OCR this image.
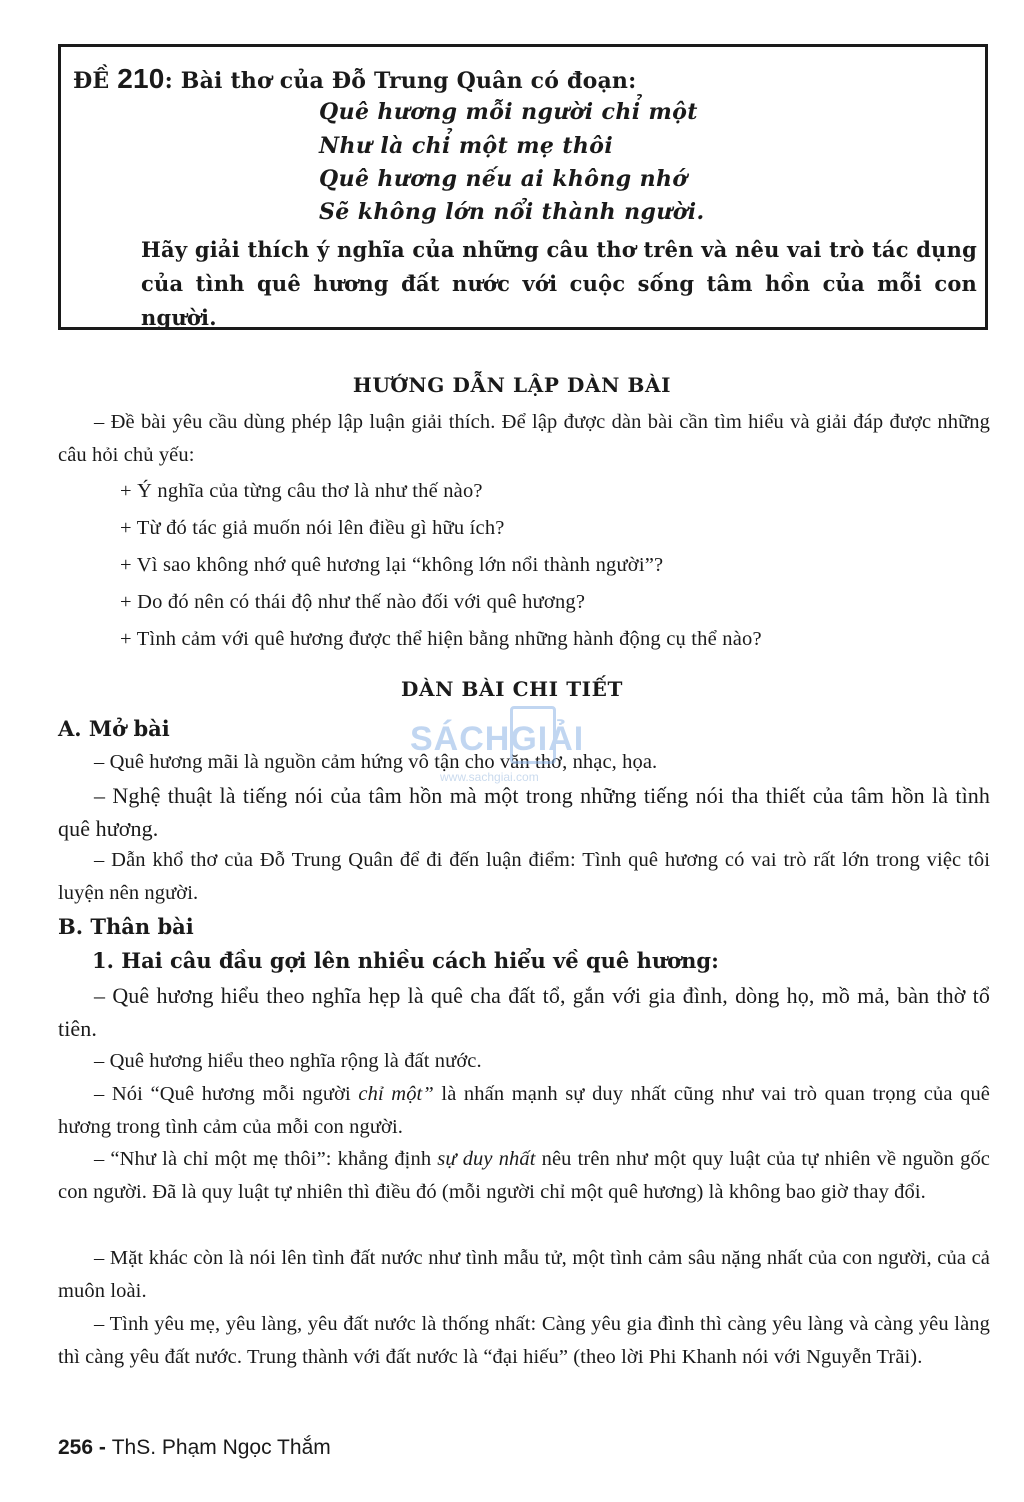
ĐỀ 210: Bài thơ của Đỗ Trung Quân có đoạn:
Quê hương mỗi người chỉ một
Như là chỉ một mẹ thôi
Quê hương nếu ai không nhớ
Sẽ không lớn nổi thành người.
Hãy giải thích ý nghĩa của những câu thơ trên và nêu vai trò tác dụng của tình quê hương đất nước với cuộc sống tâm hồn của mỗi con người.
HƯỚNG DẪN LẬP DÀN BÀI
– Đề bài yêu cầu dùng phép lập luận giải thích. Để lập được dàn bài cần tìm hiểu và giải đáp được những câu hỏi chủ yếu:
+ Ý nghĩa của từng câu thơ là như thế nào?
+ Từ đó tác giả muốn nói lên điều gì hữu ích?
+ Vì sao không nhớ quê hương lại “không lớn nổi thành người”?
+ Do đó nên có thái độ như thế nào đối với quê hương?
+ Tình cảm với quê hương được thể hiện bằng những hành động cụ thể nào?
DÀN BÀI CHI TIẾT
A. Mở bài
– Quê hương mãi là nguồn cảm hứng vô tận cho văn thơ, nhạc, họa.
– Nghệ thuật là tiếng nói của tâm hồn mà một trong những tiếng nói tha thiết của tâm hồn là tình quê hương.
– Dẫn khổ thơ của Đỗ Trung Quân để đi đến luận điểm: Tình quê hương có vai trò rất lớn trong việc tôi luyện nên người.
B. Thân bài
1. Hai câu đầu gợi lên nhiều cách hiểu về quê hương:
– Quê hương hiểu theo nghĩa hẹp là quê cha đất tổ, gắn với gia đình, dòng họ, mồ mả, bàn thờ tổ tiên.
– Quê hương hiểu theo nghĩa rộng là đất nước.
– Nói “Quê hương mỗi người chỉ một” là nhấn mạnh sự duy nhất cũng như vai trò quan trọng của quê hương trong tình cảm của mỗi con người.
– “Như là chỉ một mẹ thôi”: khẳng định sự duy nhất nêu trên như một quy luật của tự nhiên về nguồn gốc con người. Đã là quy luật tự nhiên thì điều đó (mỗi người chỉ một quê hương) là không bao giờ thay đổi.
– Mặt khác còn là nói lên tình đất nước như tình mẫu tử, một tình cảm sâu nặng nhất của con người, của cả muôn loài.
– Tình yêu mẹ, yêu làng, yêu đất nước là thống nhất: Càng yêu gia đình thì càng yêu làng và càng yêu làng thì càng yêu đất nước. Trung thành với đất nước là “đại hiếu” (theo lời Phi Khanh nói với Nguyễn Trãi).
SÁCHGIẢI
www.sachgiai.com
256 - ThS. Phạm Ngọc Thắm
